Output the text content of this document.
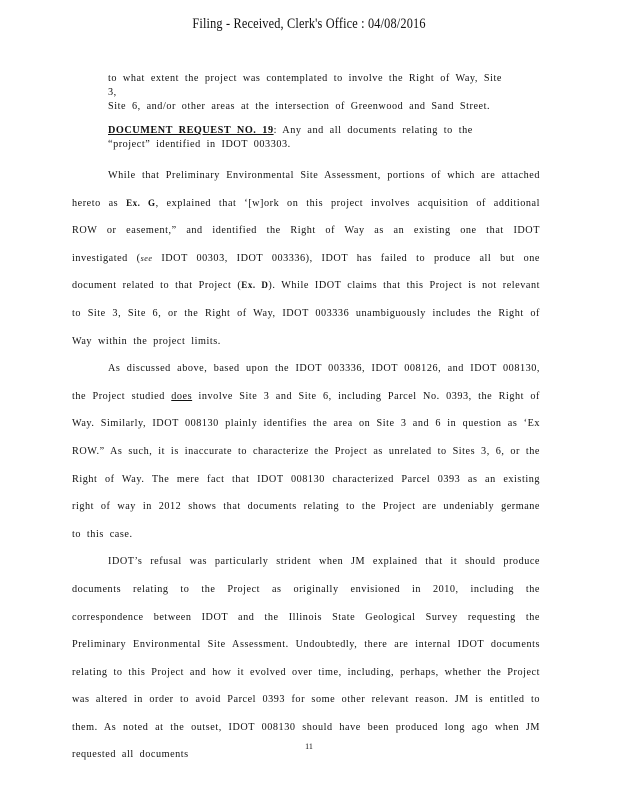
Filing - Received, Clerk's Office : 04/08/2016
to what extent the project was contemplated to involve the Right of Way, Site 3,
Site 6, and/or other areas at the intersection of Greenwood and Sand Street.
DOCUMENT REQUEST NO. 19: Any and all documents relating to the
“project” identified in IDOT 003303.

While that Preliminary Environmental Site Assessment, portions of which are attached hereto as Ex. G, explained that ‘[w]ork on this project involves acquisition of additional ROW or easement,” and identified the Right of Way as an existing one that IDOT investigated (see IDOT 00303, IDOT 003336), IDOT has failed to produce all but one document related to that Project (Ex. D). While IDOT claims that this Project is not relevant to Site 3, Site 6, or the Right of Way, IDOT 003336 unambiguously includes the Right of Way within the project limits.

As discussed above, based upon the IDOT 003336, IDOT 008126, and IDOT 008130, the Project studied does involve Site 3 and Site 6, including Parcel No. 0393, the Right of Way. Similarly, IDOT 008130 plainly identifies the area on Site 3 and 6 in question as ‘Ex ROW.” As such, it is inaccurate to characterize the Project as unrelated to Sites 3, 6, or the Right of Way. The mere fact that IDOT 008130 characterized Parcel 0393 as an existing right of way in 2012 shows that documents relating to the Project are undeniably germane to this case.

IDOT’s refusal was particularly strident when JM explained that it should produce documents relating to the Project as originally envisioned in 2010, including the correspondence between IDOT and the Illinois State Geological Survey requesting the Preliminary Environmental Site Assessment. Undoubtedly, there are internal IDOT documents relating to this Project and how it evolved over time, including, perhaps, whether the Project was altered in order to avoid Parcel 0393 for some other relevant reason. JM is entitled to them. As noted at the outset, IDOT 008130 should have been produced long ago when JM requested all documents

11
